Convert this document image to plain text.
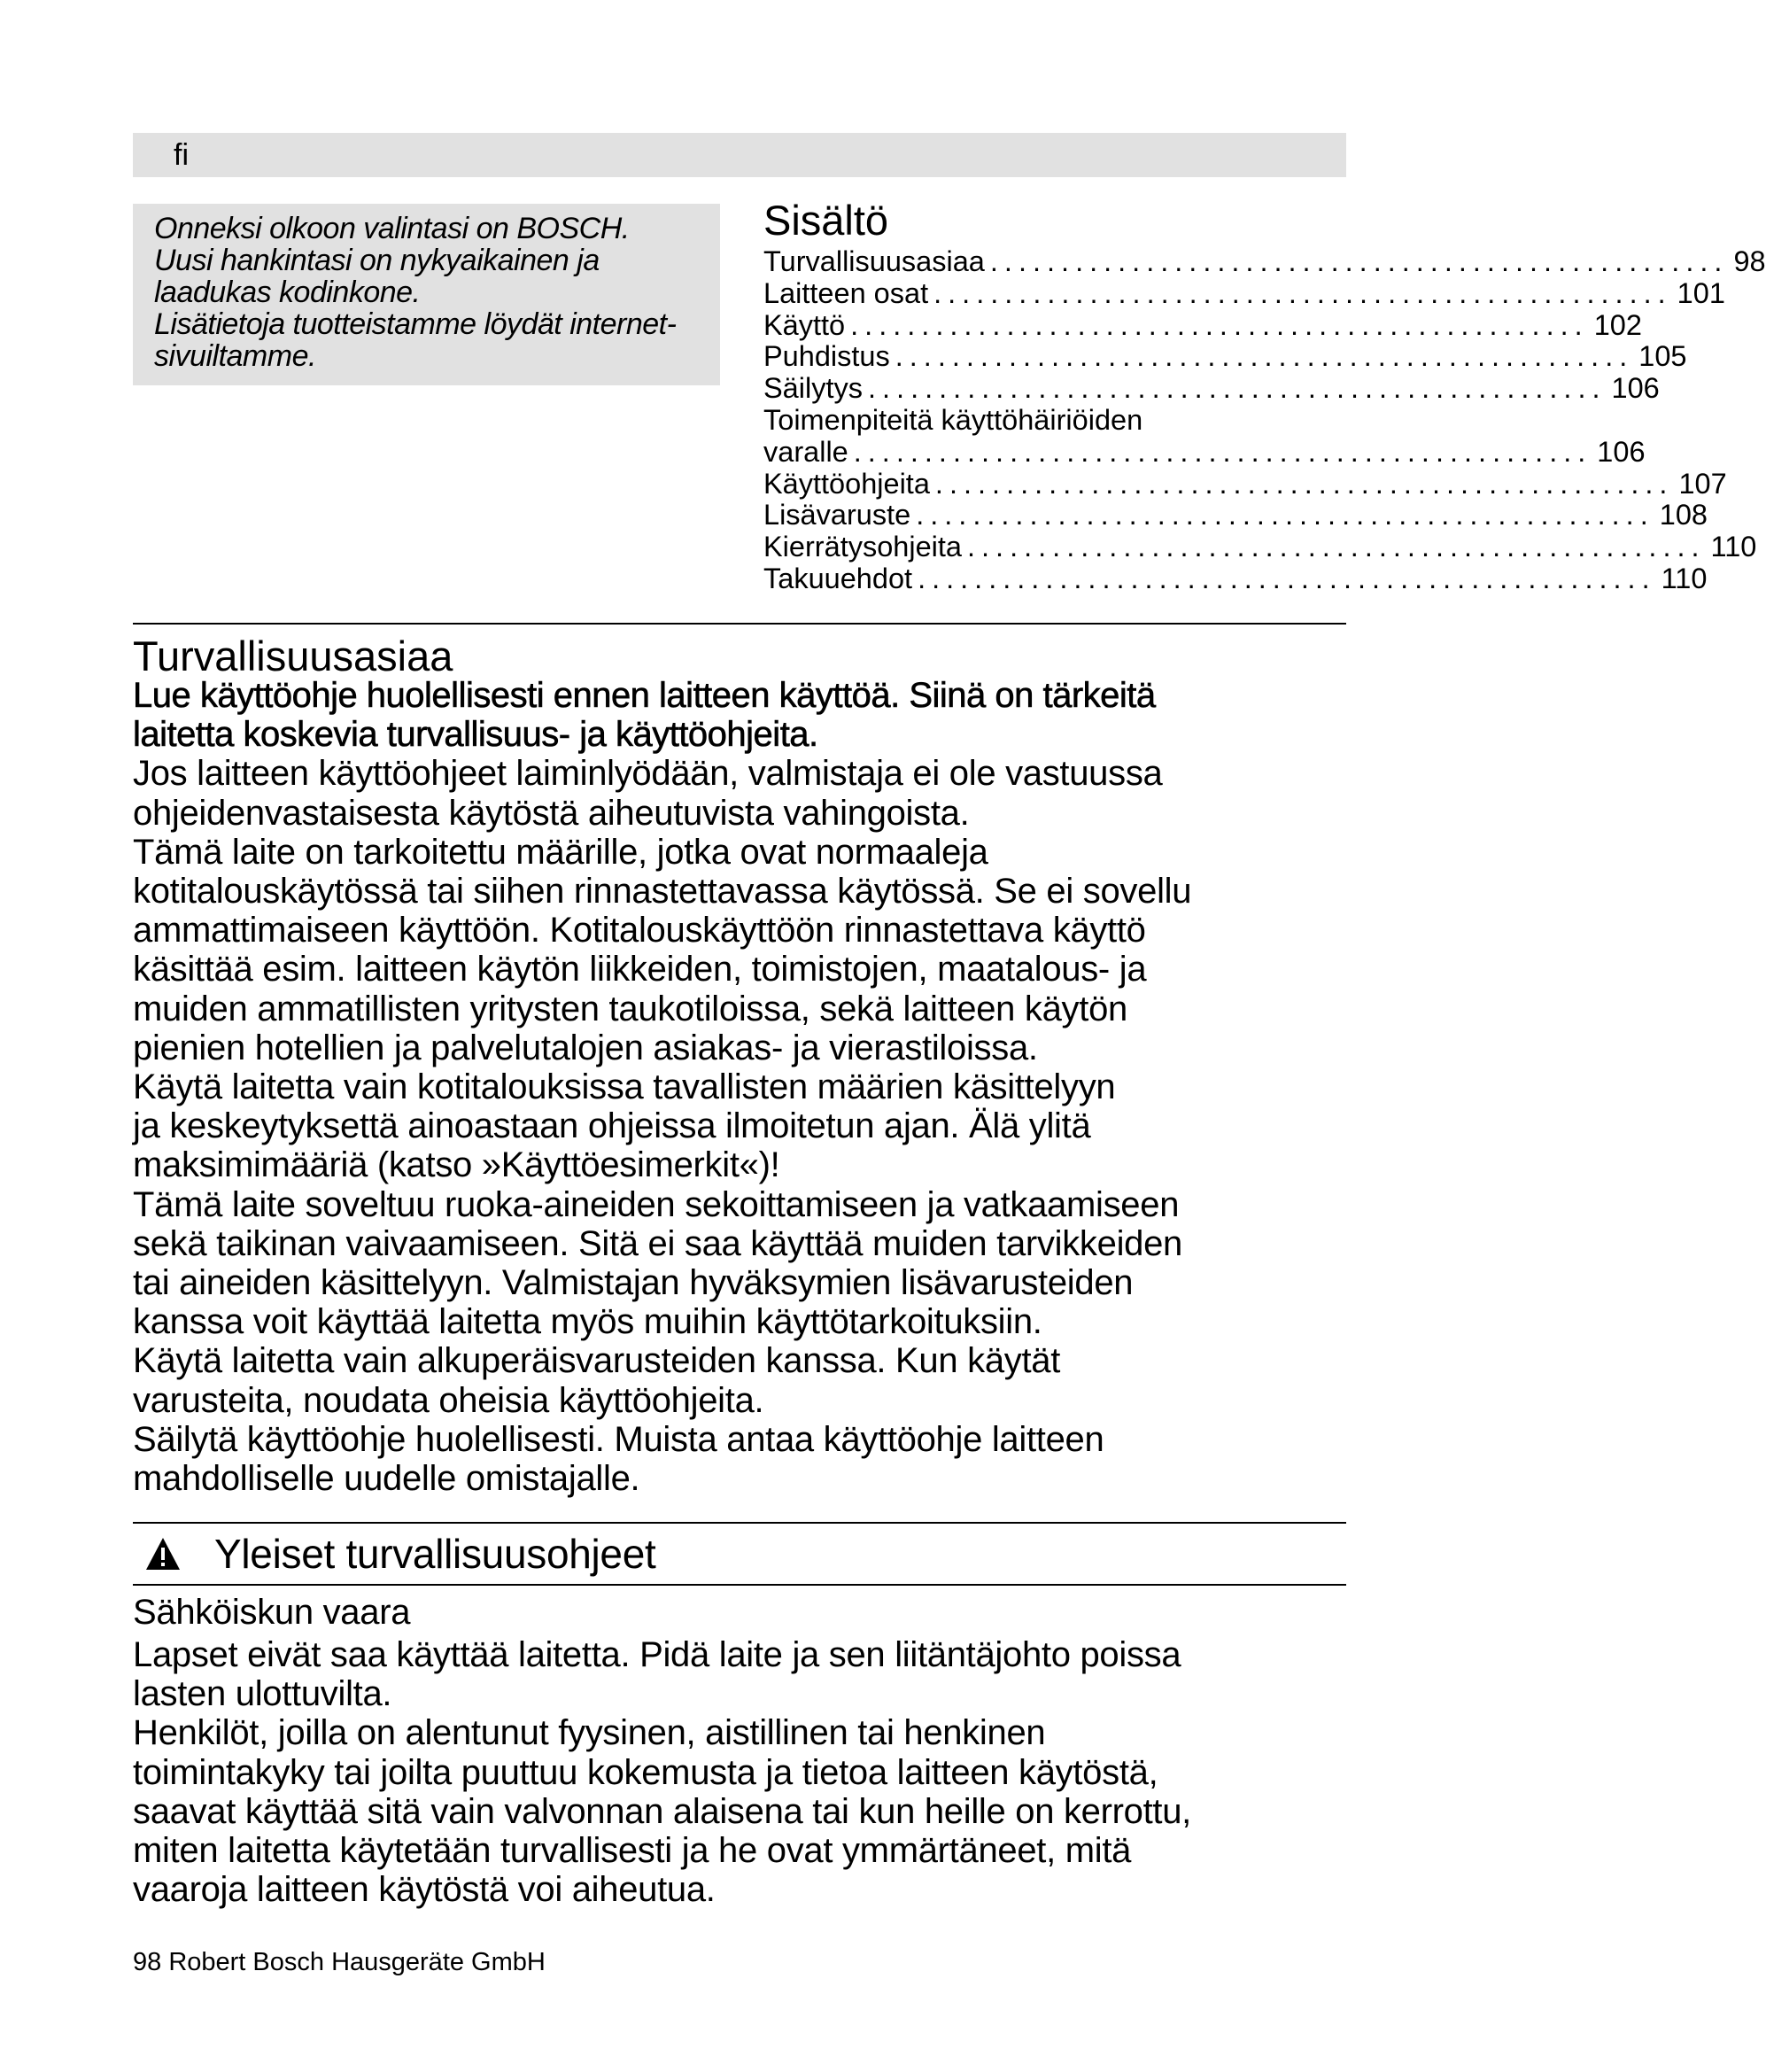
fi
Onneksi olkoon valintasi on BOSCH.
Uusi hankintasi on nykyaikainen ja
laadukas kodinkone.
Lisätietoja tuotteistamme löydät internet-
sivuiltamme.
Sisältö
Turvallisuusasiaa .................................................... 98
Laitteen osat .................................................... 101
Käyttö .................................................... 102
Puhdistus .................................................... 105
Säilytys .................................................... 106
Toimenpiteitä käyttöhäiriöiden
varalle .................................................... 106
Käyttöohjeita .................................................... 107
Lisävaruste .................................................... 108
Kierrätysohjeita .................................................... 110
Takuuehdot .................................................... 110
Turvallisuusasiaa
Lue käyttöohje huolellisesti ennen laitteen käyttöä. Siinä on tärkeitä
laitetta koskevia turvallisuus- ja käyttöohjeita.
Jos laitteen käyttöohjeet laiminlyödään, valmistaja ei ole vastuussa
ohjeidenvastaisesta käytöstä aiheutuvista vahingoista.
Tämä laite on tarkoitettu määrille, jotka ovat normaaleja
kotitalouskäytössä tai siihen rinnastettavassa käytössä. Se ei sovellu
ammattimaiseen käyttöön. Kotitalouskäyttöön rinnastettava käyttö
käsittää esim. laitteen käytön liikkeiden, toimistojen, maatalous- ja
muiden ammatillisten yritysten taukotiloissa, sekä laitteen käytön
pienien hotellien ja palvelutalojen asiakas- ja vierastiloissa.
Käytä laitetta vain kotitalouksissa tavallisten määrien käsittelyyn
ja keskeytyksettä ainoastaan ohjeissa ilmoitetun ajan. Älä ylitä
maksimimääriä (katso »Käyttöesimerkit«)!
Tämä laite soveltuu ruoka-aineiden sekoittamiseen ja vatkaamiseen
sekä taikinan vaivaamiseen. Sitä ei saa käyttää muiden tarvikkeiden
tai aineiden käsittelyyn. Valmistajan hyväksymien lisävarusteiden
kanssa voit käyttää laitetta myös muihin käyttötarkoituksiin.
Käytä laitetta vain alkuperäisvarusteiden kanssa. Kun käytät
varusteita, noudata oheisia käyttöohjeita.
Säilytä käyttöohje huolellisesti. Muista antaa käyttöohje laitteen
mahdolliselle uudelle omistajalle.
Yleiset turvallisuusohjeet
Sähköiskun vaara
Lapset eivät saa käyttää laitetta. Pidä laite ja sen liitäntäjohto poissa
lasten ulottuvilta.
Henkilöt, joilla on alentunut fyysinen, aistillinen tai henkinen
toimintakyky tai joilta puuttuu kokemusta ja tietoa laitteen käytöstä,
saavat käyttää sitä vain valvonnan alaisena tai kun heille on kerrottu,
miten laitetta käytetään turvallisesti ja he ovat ymmärtäneet, mitä
vaaroja laitteen käytöstä voi aiheutua.
98 Robert Bosch Hausgeräte GmbH
